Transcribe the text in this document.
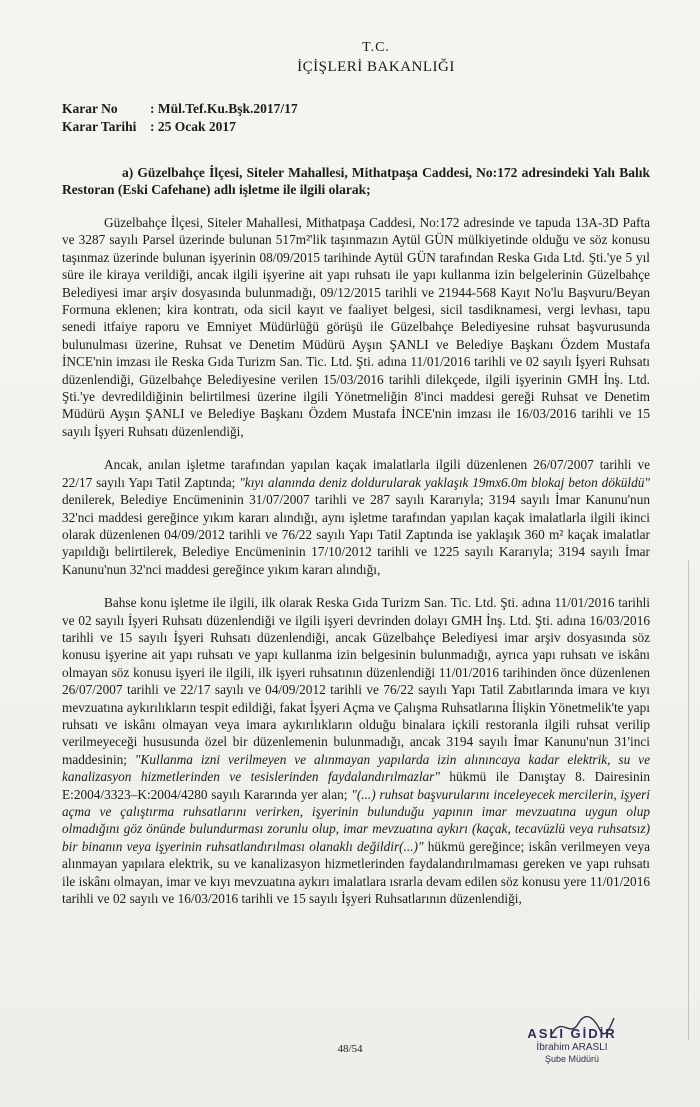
T.C.
İÇİŞLERİ BAKANLIĞI
Karar No	: Mül.Tef.Ku.Bşk.2017/17
Karar Tarihi	: 25 Ocak 2017
a) Güzelbahçe İlçesi, Siteler Mahallesi, Mithatpaşa Caddesi, No:172 adresindeki Yalı Balık Restoran (Eski Cafehane) adlı işletme ile ilgili olarak;

Güzelbahçe İlçesi, Siteler Mahallesi, Mithatpaşa Caddesi, No:172 adresinde ve tapuda 13A-3D Pafta ve 3287 sayılı Parsel üzerinde bulunan 517m²'lik taşınmazın Aytül GÜN mülkiyetinde olduğu ve söz konusu taşınmaz üzerinde bulunan işyerinin 08/09/2015 tarihinde Aytül GÜN tarafından Reska Gıda Ltd. Şti.'ye 5 yıl süre ile kiraya verildiği, ancak ilgili işyerine ait yapı ruhsatı ile yapı kullanma izin belgelerinin Güzelbahçe Belediyesi imar arşiv dosyasında bulunmadığı, 09/12/2015 tarihli ve 21944-568 Kayıt No'lu Başvuru/Beyan Formuna eklenen; kira kontratı, oda sicil kayıt ve faaliyet belgesi, sicil tasdiknamesi, vergi levhası, tapu senedi itfaiye raporu ve Emniyet Müdürlüğü görüşü ile Güzelbahçe Belediyesine ruhsat başvurusunda bulunulması üzerine, Ruhsat ve Denetim Müdürü Ayşın ŞANLI ve Belediye Başkanı Özdem Mustafa İNCE'nin imzası ile Reska Gıda Turizm San. Tic. Ltd. Şti. adına 11/01/2016 tarihli ve 02 sayılı İşyeri Ruhsatı düzenlendiği, Güzelbahçe Belediyesine verilen 15/03/2016 tarihli dilekçede, ilgili işyerinin GMH İnş. Ltd. Şti.'ye devredildiğinin belirtilmesi üzerine ilgili Yönetmeliğin 8'inci maddesi gereği Ruhsat ve Denetim Müdürü Ayşın ŞANLI ve Belediye Başkanı Özdem Mustafa İNCE'nin imzası ile 16/03/2016 tarihli ve 15 sayılı İşyeri Ruhsatı düzenlendiği,

Ancak, anılan işletme tarafından yapılan kaçak imalatlarla ilgili düzenlenen 26/07/2007 tarihli ve 22/17 sayılı Yapı Tatil Zaptında; "kıyı alanında deniz doldurularak yaklaşık 19mx6.0m blokaj beton döküldü" denilerek, Belediye Encümeninin 31/07/2007 tarihli ve 287 sayılı Kararıyla; 3194 sayılı İmar Kanunu'nun 32'nci maddesi gereğince yıkım kararı alındığı, aynı işletme tarafından yapılan kaçak imalatlarla ilgili ikinci olarak düzenlenen 04/09/2012 tarihli ve 76/22 sayılı Yapı Tatil Zaptında ise yaklaşık 360 m² kaçak imalatlar yapıldığı belirtilerek, Belediye Encümeninin 17/10/2012 tarihli ve 1225 sayılı Kararıyla; 3194 sayılı İmar Kanunu'nun 32'nci maddesi gereğince yıkım kararı alındığı,

Bahse konu işletme ile ilgili, ilk olarak Reska Gıda Turizm San. Tic. Ltd. Şti. adına 11/01/2016 tarihli ve 02 sayılı İşyeri Ruhsatı düzenlendiği ve ilgili işyeri devrinden dolayı GMH İnş. Ltd. Şti. adına 16/03/2016 tarihli ve 15 sayılı İşyeri Ruhsatı düzenlendiği, ancak Güzelbahçe Belediyesi imar arşiv dosyasında söz konusu işyerine ait yapı ruhsatı ve yapı kullanma izin belgesinin bulunmadığı, ayrıca yapı ruhsatı ve iskânı olmayan söz konusu işyeri ile ilgili, ilk işyeri ruhsatının düzenlendiği 11/01/2016 tarihinden önce düzenlenen 26/07/2007 tarihli ve 22/17 sayılı ve 04/09/2012 tarihli ve 76/22 sayılı Yapı Tatil Zabıtlarında imara ve kıyı mevzuatına aykırılıkların tespit edildiği, fakat İşyeri Açma ve Çalışma Ruhsatlarına İlişkin Yönetmelik'te yapı ruhsatı ve iskânı olmayan veya imara aykırılıkların olduğu binalara içkili restoranla ilgili ruhsat verilip verilmeyeceği hususunda özel bir düzenlemenin bulunmadığı, ancak 3194 sayılı İmar Kanunu'nun 31'inci maddesinin; "Kullanma izni verilmeyen ve alınmayan yapılarda izin alınıncaya kadar elektrik, su ve kanalizasyon hizmetlerinden ve tesislerinden faydalandırılmazlar" hükmü ile Danıştay 8. Dairesinin E:2004/3323–K:2004/4280 sayılı Kararında yer alan; "(...) ruhsat başvurularını inceleyecek mercilerin, işyeri açma ve çalıştırma ruhsatlarını verirken, işyerinin bulunduğu yapının imar mevzuatına uygun olup olmadığını göz önünde bulundurması zorunlu olup, imar mevzuatına aykırı (kaçak, tecavüzlü veya ruhsatsız) bir binanın veya işyerinin ruhsatlandırılması olanaklı değildir(...)" hükmü gereğince; iskân verilmeyen veya alınmayan yapılara elektrik, su ve kanalizasyon hizmetlerinden faydalandırılmaması gereken ve yapı ruhsatı ile iskânı olmayan, imar ve kıyı mevzuatına aykırı imalatlara ısrarla devam edilen söz konusu yere 11/01/2016 tarihli ve 02 sayılı ve 16/03/2016 tarihli ve 15 sayılı İşyeri Ruhsatlarının düzenlendiği,

48/54
ASLI GİDİR
İbrahim ARASLI
Şube Müdürü
